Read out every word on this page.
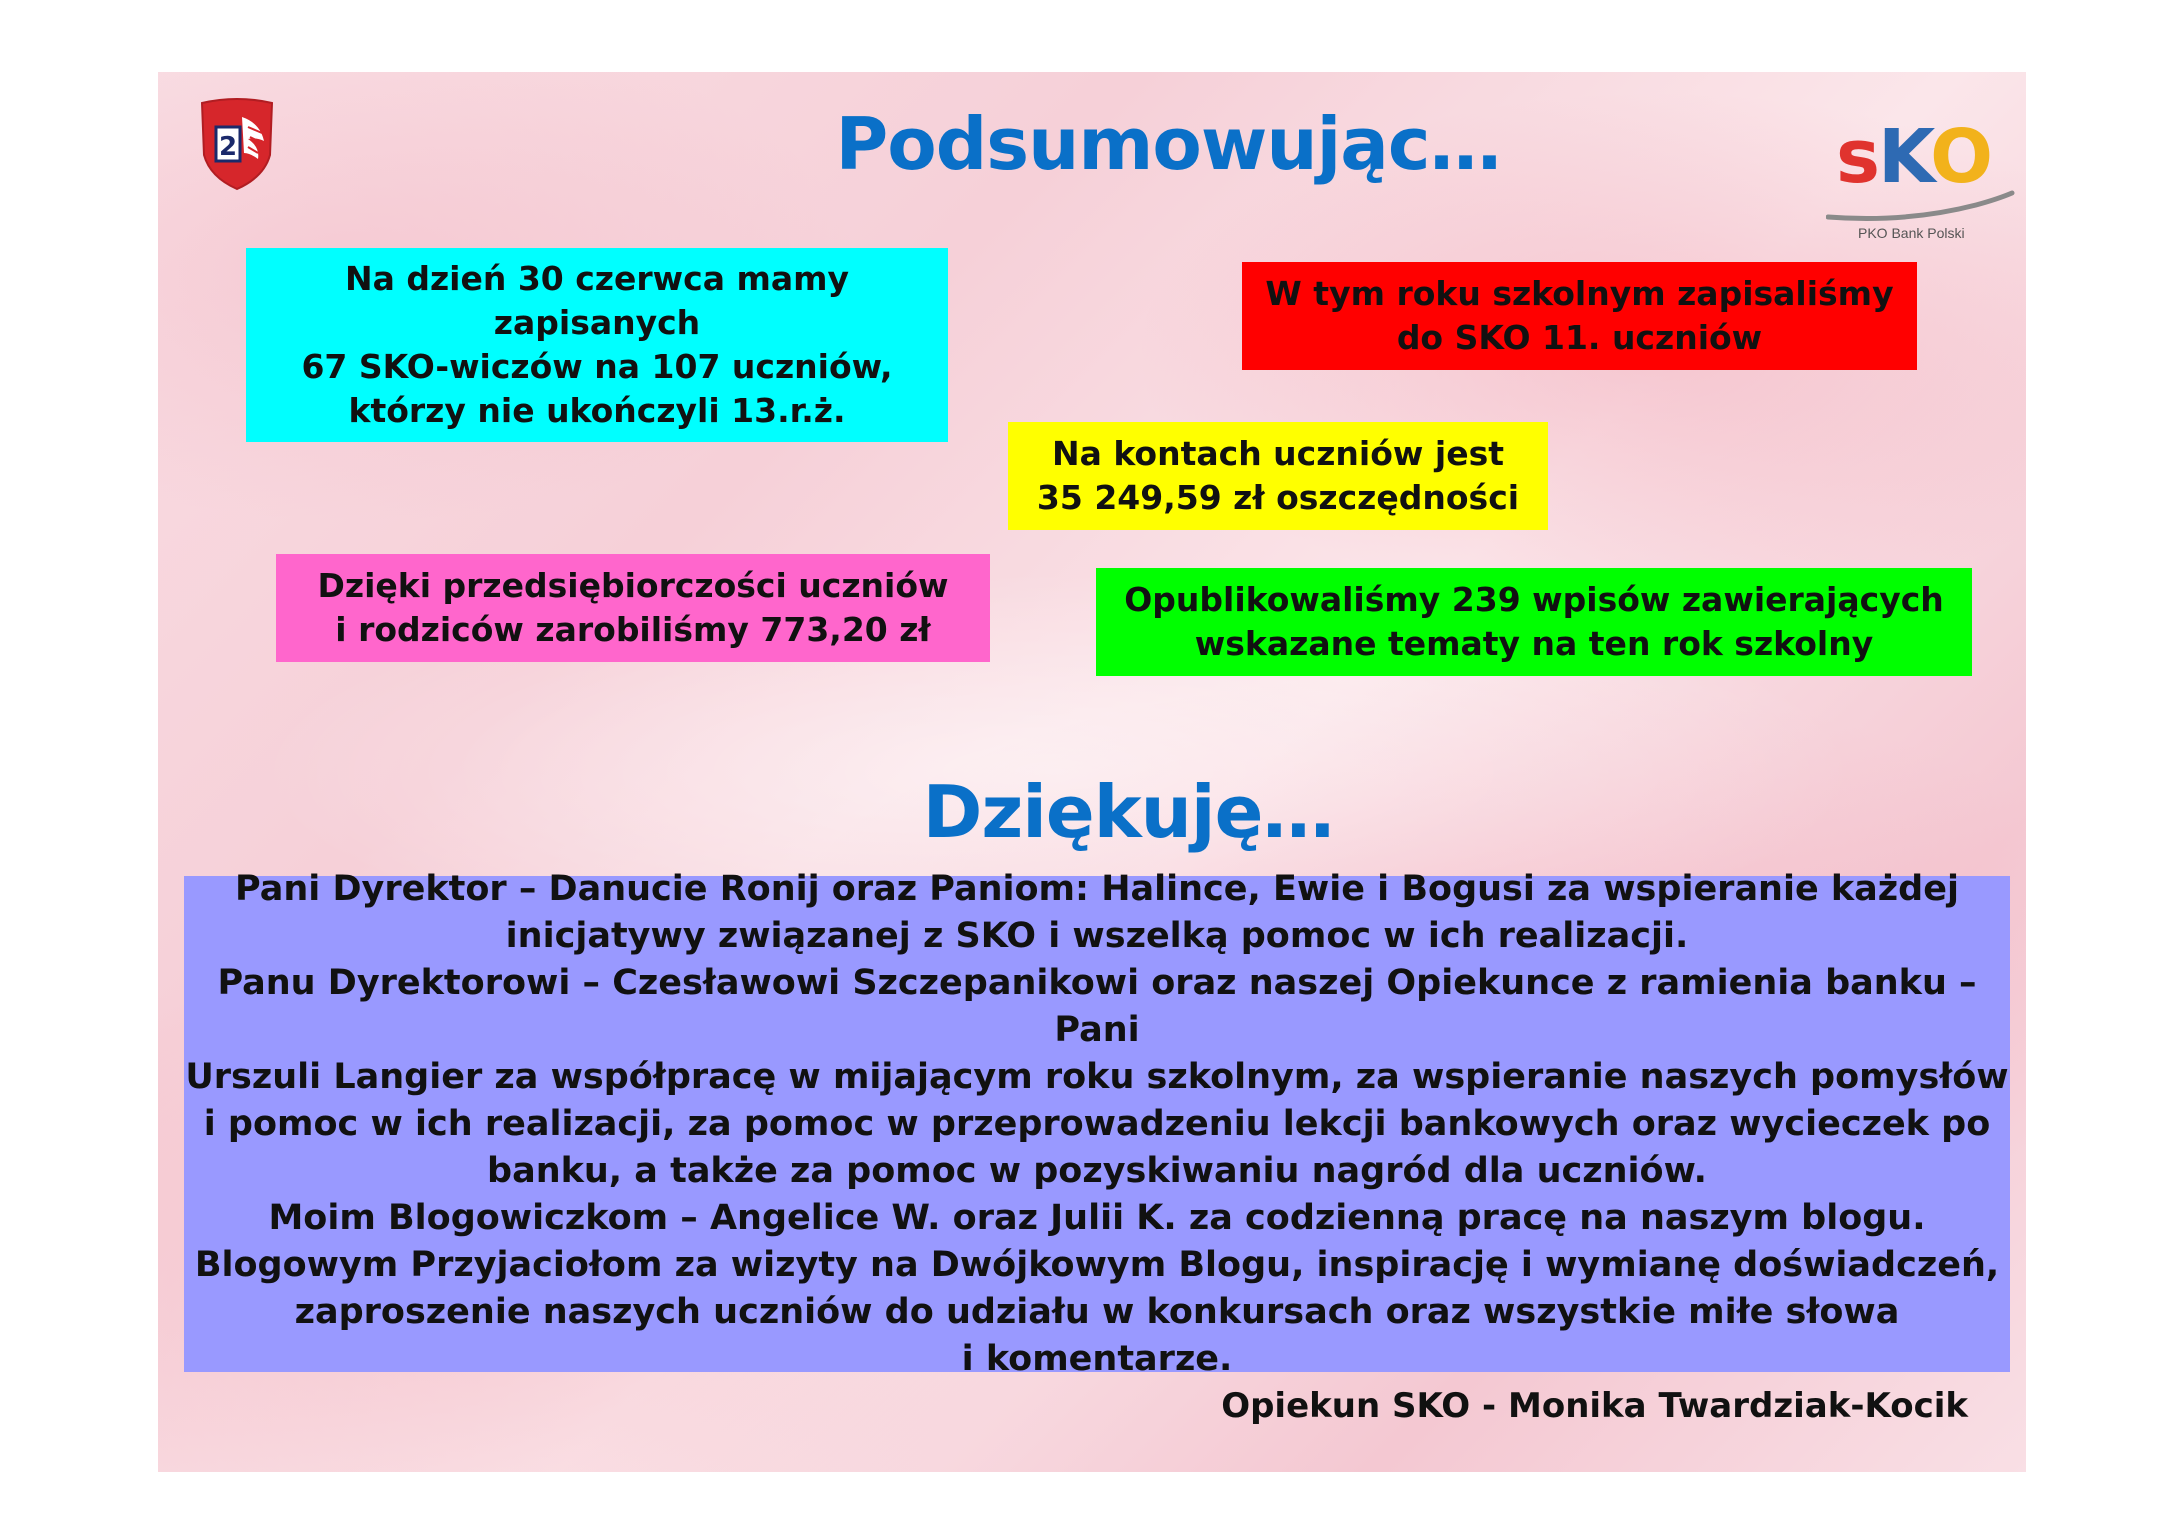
2	sKO
PKO Bank Polski
Podsumowując…
Na dzień 30 czerwca mamy
zapisanych
67 SKO-wiczów na 107 uczniów,
którzy nie ukończyli 13.r.ż.
W tym roku szkolnym zapisaliśmy
do SKO 11. uczniów
Na kontach uczniów jest
35 249,59 zł oszczędności
Dzięki przedsiębiorczości uczniów
i rodziców zarobiliśmy 773,20 zł
Opublikowaliśmy 239 wpisów zawierających
wskazane tematy na ten rok szkolny
Dziękuję…
Pani Dyrektor – Danucie Ronij oraz Paniom: Halince, Ewie i Bogusi za wspieranie każdej
inicjatywy związanej z SKO i wszelką pomoc w ich realizacji.
Panu Dyrektorowi – Czesławowi Szczepanikowi oraz naszej Opiekunce z ramienia banku – Pani
Urszuli Langier za współpracę w mijającym roku szkolnym, za wspieranie naszych pomysłów
i pomoc w ich realizacji, za pomoc w przeprowadzeniu lekcji bankowych oraz wycieczek po
banku, a także za pomoc w pozyskiwaniu nagród dla uczniów.
Moim Blogowiczkom – Angelice W. oraz Julii K. za codzienną pracę na naszym blogu.
Blogowym Przyjaciołom za wizyty na Dwójkowym Blogu, inspirację i wymianę doświadczeń,
zaproszenie naszych uczniów do udziału w konkursach oraz wszystkie miłe słowa
i komentarze.
Opiekun SKO - Monika Twardziak-Kocik
